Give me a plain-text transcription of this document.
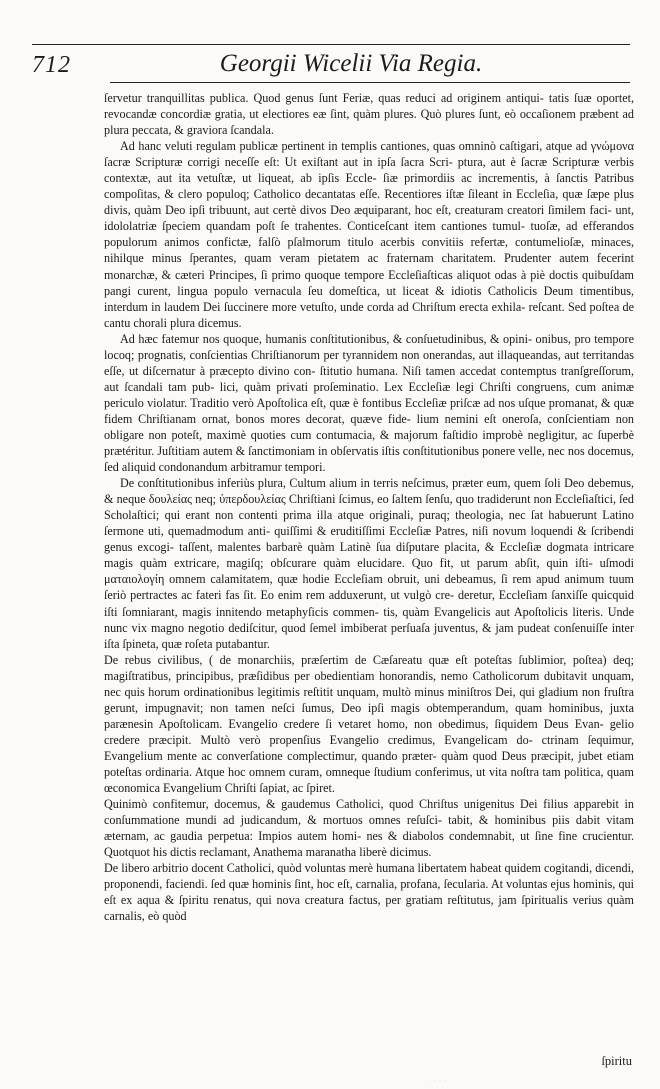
712	Georgii Wicelii Via Regia.

ſervetur tranquillitas publica. Quod genus ſunt Feriæ, quas reduci ad originem antiqui- tatis ſuæ oportet, revocandæ concordiæ gratia, ut electiores eæ ſint, quàm plures. Quò plures ſunt, eò occaſionem præbent ad plura peccata, & graviora ſcandala.

Ad hanc veluti regulam publicæ pertinent in templis cantiones, quas omninò caſtigari, atque ad γνώμονα ſacræ Scripturæ corrigi neceſſe eſt: Ut exiſtant aut in ipſa ſacra Scri- ptura, aut è ſacræ Scripturæ verbis contextæ, aut ita vetuſtæ, ut liqueat, ab ipſis Eccle- ſiæ primordiis ac incrementis, à ſanctis Patribus compoſitas, & clero populoq; Catholico decantatas eſſe. Recentiores iſtæ ſileant in Eccleſia, quæ ſæpe plus divis, quàm Deo ipſi tribuunt, aut certè divos Deo æquiparant, hoc eſt, creaturam creatori ſimilem faci- unt, idololatriæ ſpeciem quandam poſt ſe trahentes. Conticeſcant item cantiones tumul- tuoſæ, ad efferandos populorum animos confictæ, falſò pſalmorum titulo acerbis convitiis refertæ, contumelioſæ, minaces, nihilque minus ſperantes, quam veram pietatem ac fraternam charitatem. Prudenter autem fecerint monarchæ, & cæteri Principes, ſi primo quoque tempore Eccleſiaſticas aliquot odas à piè doctis quibuſdam pangi curent, lingua populo vernacula ſeu domeſtica, ut liceat & idiotis Catholicis Deum timentibus, interdum in laudem Dei ſuccinere more vetuſto, unde corda ad Chriſtum erecta exhila- reſcant. Sed poſtea de cantu chorali plura dicemus.

Ad hæc fatemur nos quoque, humanis conſtitutionibus, & conſuetudinibus, & opini- onibus, pro tempore locoq; prognatis, conſcientias Chriſtianorum per tyrannidem non onerandas, aut illaqueandas, aut territandas eſſe, ut diſcernatur à præcepto divino con- ſtitutio humana. Niſi tamen accedat contemptus tranſgreſſorum, aut ſcandali tam pub- lici, quàm privati proſeminatio. Lex Eccleſiæ legi Chriſti congruens, cum animæ periculo violatur. Traditio verò Apoſtolica eſt, quæ è fontibus Eccleſiæ priſcæ ad nos uſque promanat, & quæ fidem Chriſtianam ornat, bonos mores decorat, quæve fide- lium nemini eſt oneroſa, conſcientiam non obligare non poteſt, maximè quoties cum contumacia, & majorum faſtidio improbè negligitur, ac ſuperbè prætéritur. Juſtitiam autem & ſanctimoniam in obſervatis iſtis conſtitutionibus ponere velle, nec nos docemus, ſed aliquid condonandum arbitramur tempori.

De conſtitutionibus inferiùs plura, Cultum alium in terris neſcimus, præter eum, quem ſoli Deo debemus, & neque δουλείας neq; ὑπερδουλείας Chriſtiani ſcimus, eo ſaltem ſenſu, quo tradiderunt non Eccleſiaſtici, ſed Scholaſtici; qui erant non contenti prima illa atque originali, puraq; theologia, nec ſat habuerunt Latino ſermone uti, quemadmodum anti- quiſſimi & eruditiſſimi Eccleſiæ Patres, niſi novum loquendi & ſcribendi genus excogi- taſſent, malentes barbarè quàm Latinè ſua diſputare placita, & Eccleſiæ dogmata intricare magis quàm extricare, magiſq; obſcurare quàm elucidare. Quo fit, ut parum abſit, quin iſti- uſmodi ματαιολογίη omnem calamitatem, quæ hodie Eccleſiam obruit, uni debeamus, ſi rem apud animum tuum ſeriò pertractes ac fateri fas ſit. Eo enim rem adduxerunt, ut vulgò cre- deretur, Eccleſiam ſanxiſſe quicquid iſti ſomniarant, magis innitendo metaphyſicis commen- tis, quàm Evangelicis aut Apoſtolicis literis. Unde nunc vix magno negotio dediſcitur, quod ſemel imbiberat perſuaſa juventus, & jam pudeat conſenuiſſe inter iſta ſpineta, quæ roſeta putabantur.

De rebus civilibus, ( de monarchiis, præſertim de Cæſareatu quæ eſt poteſtas ſublimior, poſtea) deq; magiſtratibus, principibus, præſidibus per obedientiam honorandis, nemo Catholicorum dubitavit unquam, nec quis horum ordinationibus legitimis reſtitit unquam, multò minus miniſtros Dei, qui gladium non fruſtra gerunt, impugnavit; non tamen neſci ſumus, Deo ipſi magis obtemperandum, quam hominibus, juxta parænesin Apoſtolicam. Evangelio credere ſi vetaret homo, non obedimus, ſiquidem Deus Evan- gelio credere præcipit. Multò verò propenſius Evangelio credimus, Evangelicam do- ctrinam ſequimur, Evangelium mente ac converſatione complectimur, quando præter- quàm quod Deus præcipit, jubet etiam poteſtas ordinaria. Atque hoc omnem curam, omneque ſtudium conferimus, ut vita noſtra tam politica, quam œconomica Evangelium Chriſti ſapiat, ac ſpiret.

Quinimò confitemur, docemus, & gaudemus Catholici, quod Chriſtus unigenitus Dei filius apparebit in conſummatione mundi ad judicandum, & mortuos omnes reſuſci- tabit, & hominibus piis dabit vitam æternam, ac gaudia perpetua: Impios autem homi- nes & diabolos condemnabit, ut ſine fine crucientur. Quotquot his dictis reclamant, Anathema maranatha liberè dicimus.

De libero arbitrio docent Catholici, quòd voluntas merè humana libertatem habeat quidem cogitandi, dicendi, proponendi, faciendi. ſed quæ hominis ſint, hoc eſt, carnalia, profana, ſecularia. At voluntas ejus hominis, qui eſt ex aqua & ſpiritu renatus, qui nova creatura factus, per gratiam reſtitutus, jam ſpiritualis verius quàm carnalis, eò quòd

ſpiritu
· · · ·
